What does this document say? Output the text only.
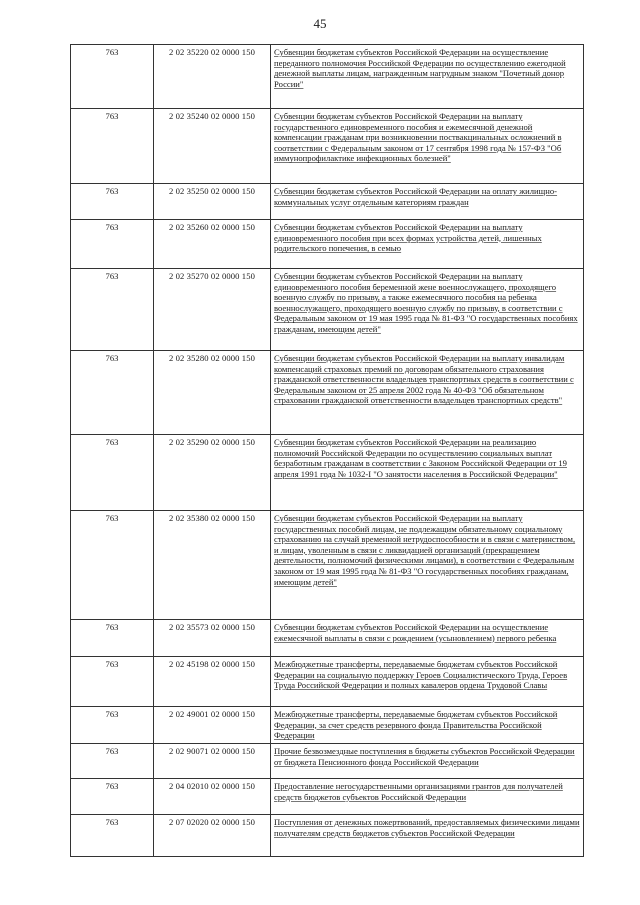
45
763	2 02 35220 02 0000 150	Субвенции бюджетам субъектов Российской Федерации на осуществление переданного полномочия Российской Федерации по осуществлению ежегодной денежной выплаты лицам, награжденным нагрудным знаком "Почетный донор России"
763	2 02 35240 02 0000 150	Субвенции бюджетам субъектов Российской Федерации на выплату государственного единовременного пособия и ежемесячной денежной компенсации гражданам при возникновении поствакцинальных осложнений в соответствии с Федеральным законом от 17 сентября 1998 года № 157-ФЗ "Об иммунопрофилактике инфекционных болезней"
763	2 02 35250 02 0000 150	Субвенции бюджетам субъектов Российской Федерации на оплату жилищно-коммунальных услуг отдельным категориям граждан
763	2 02 35260 02 0000 150	Субвенции бюджетам субъектов Российской Федерации на выплату единовременного пособия при всех формах устройства детей, лишенных родительского попечения, в семью
763	2 02 35270 02 0000 150	Субвенции бюджетам субъектов Российской Федерации на выплату единовременного пособия беременной жене военнослужащего, проходящего военную службу по призыву, а также ежемесячного пособия на ребенка военнослужащего, проходящего военную службу по призыву, в соответствии с Федеральным законом от 19 мая 1995 года № 81-ФЗ "О государственных пособиях гражданам, имеющим детей"
763	2 02 35280 02 0000 150	Субвенции бюджетам субъектов Российской Федерации на выплату инвалидам компенсаций страховых премий по договорам обязательного страхования гражданской ответственности владельцев транспортных средств в соответствии с Федеральным законом от 25 апреля 2002 года № 40-ФЗ "Об обязательном страховании гражданской ответственности владельцев транспортных средств"
763	2 02 35290 02 0000 150	Субвенции бюджетам субъектов Российской Федерации на реализацию полномочий Российской Федерации по осуществлению социальных выплат безработным гражданам в соответствии с Законом Российской Федерации от 19 апреля 1991 года № 1032-I "О занятости населения в Российской Федерации"
763	2 02 35380 02 0000 150	Субвенции бюджетам субъектов Российской Федерации на выплату государственных пособий лицам, не подлежащим обязательному социальному страхованию на случай временной нетрудоспособности и в связи с материнством, и лицам, уволенным в связи с ликвидацией организаций (прекращением деятельности, полномочий физическими лицами), в соответствии с Федеральным законом от 19 мая 1995 года № 81-ФЗ "О государственных пособиях гражданам, имеющим детей"
763	2 02 35573 02 0000 150	Субвенции бюджетам субъектов Российской Федерации на осуществление ежемесячной выплаты в связи с рождением (усыновлением) первого ребенка
763	2 02 45198 02 0000 150	Межбюджетные трансферты, передаваемые бюджетам субъектов Российской Федерации на социальную поддержку Героев Социалистического Труда, Героев Труда Российской Федерации и полных кавалеров ордена Трудовой Славы
763	2 02 49001 02 0000 150	Межбюджетные трансферты, передаваемые бюджетам субъектов Российской Федерации, за счет средств резервного фонда Правительства Российской Федерации
763	2 02 90071 02 0000 150	Прочие безвозмездные поступления в бюджеты субъектов Российской Федерации от бюджета Пенсионного фонда Российской Федерации
763	2 04 02010 02 0000 150	Предоставление негосударственными организациями грантов для получателей средств бюджетов субъектов Российской Федерации
763	2 07 02020 02 0000 150	Поступления от денежных пожертвований, предоставляемых физическими лицами получателям средств бюджетов субъектов Российской Федерации
